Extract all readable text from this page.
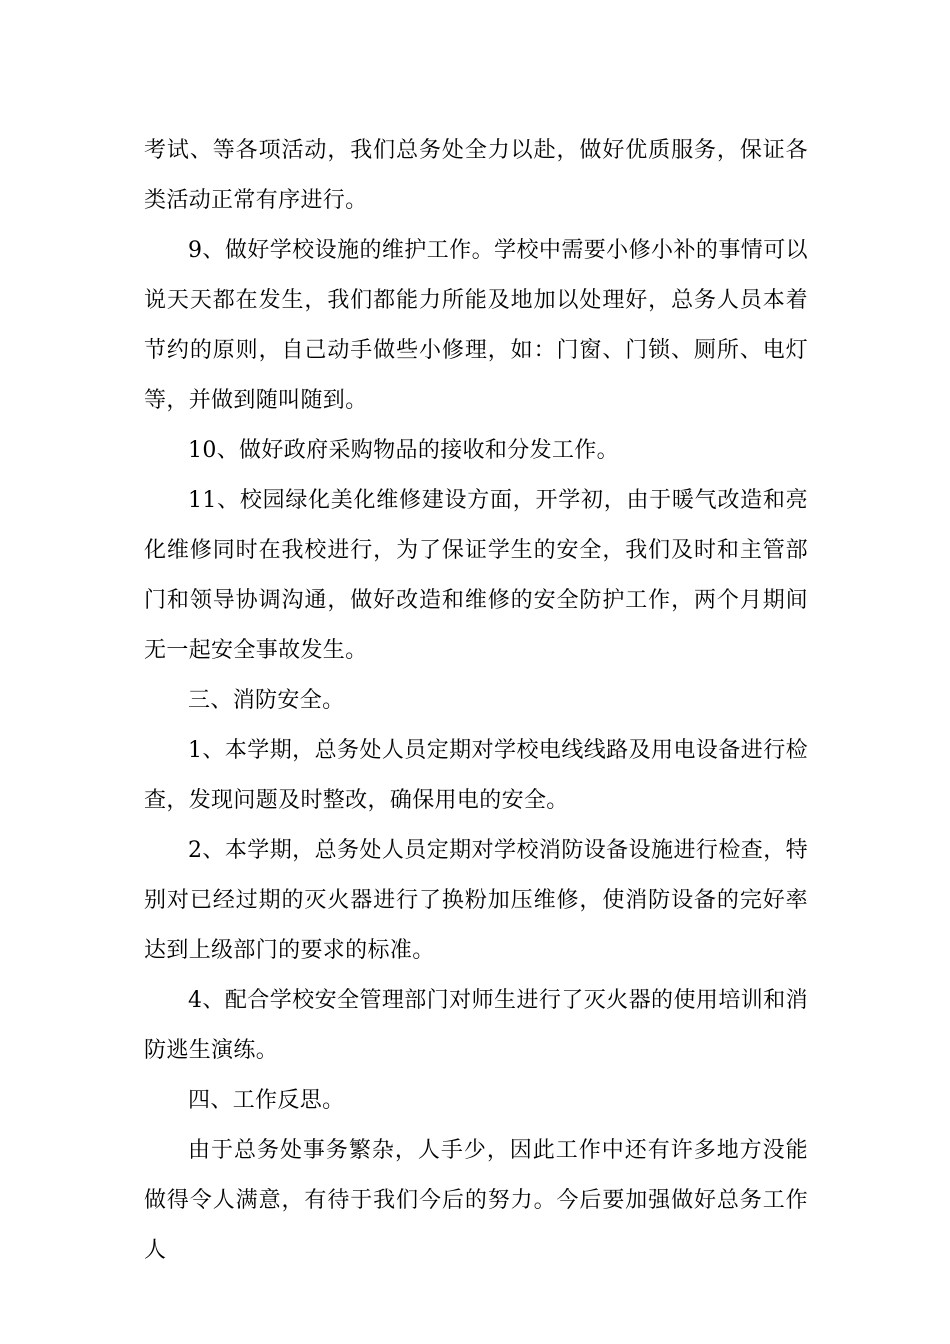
考试、等各项活动，我们总务处全力以赴，做好优质服务，保证各类活动正常有序进行。

9、做好学校设施的维护工作。学校中需要小修小补的事情可以说天天都在发生，我们都能力所能及地加以处理好，总务人员本着节约的原则，自己动手做些小修理，如：门窗、门锁、厕所、电灯等，并做到随叫随到。

10、做好政府采购物品的接收和分发工作。

11、校园绿化美化维修建设方面，开学初，由于暖气改造和亮化维修同时在我校进行，为了保证学生的安全，我们及时和主管部门和领导协调沟通，做好改造和维修的安全防护工作，两个月期间无一起安全事故发生。

三、消防安全。

1、本学期，总务处人员定期对学校电线线路及用电设备进行检查，发现问题及时整改，确保用电的安全。

2、本学期，总务处人员定期对学校消防设备设施进行检查，特别对已经过期的灭火器进行了换粉加压维修，使消防设备的完好率达到上级部门的要求的标准。

4、配合学校安全管理部门对师生进行了灭火器的使用培训和消防逃生演练。

四、工作反思。

由于总务处事务繁杂，人手少，因此工作中还有许多地方没能做得令人满意，有待于我们今后的努力。今后要加强做好总务工作人
